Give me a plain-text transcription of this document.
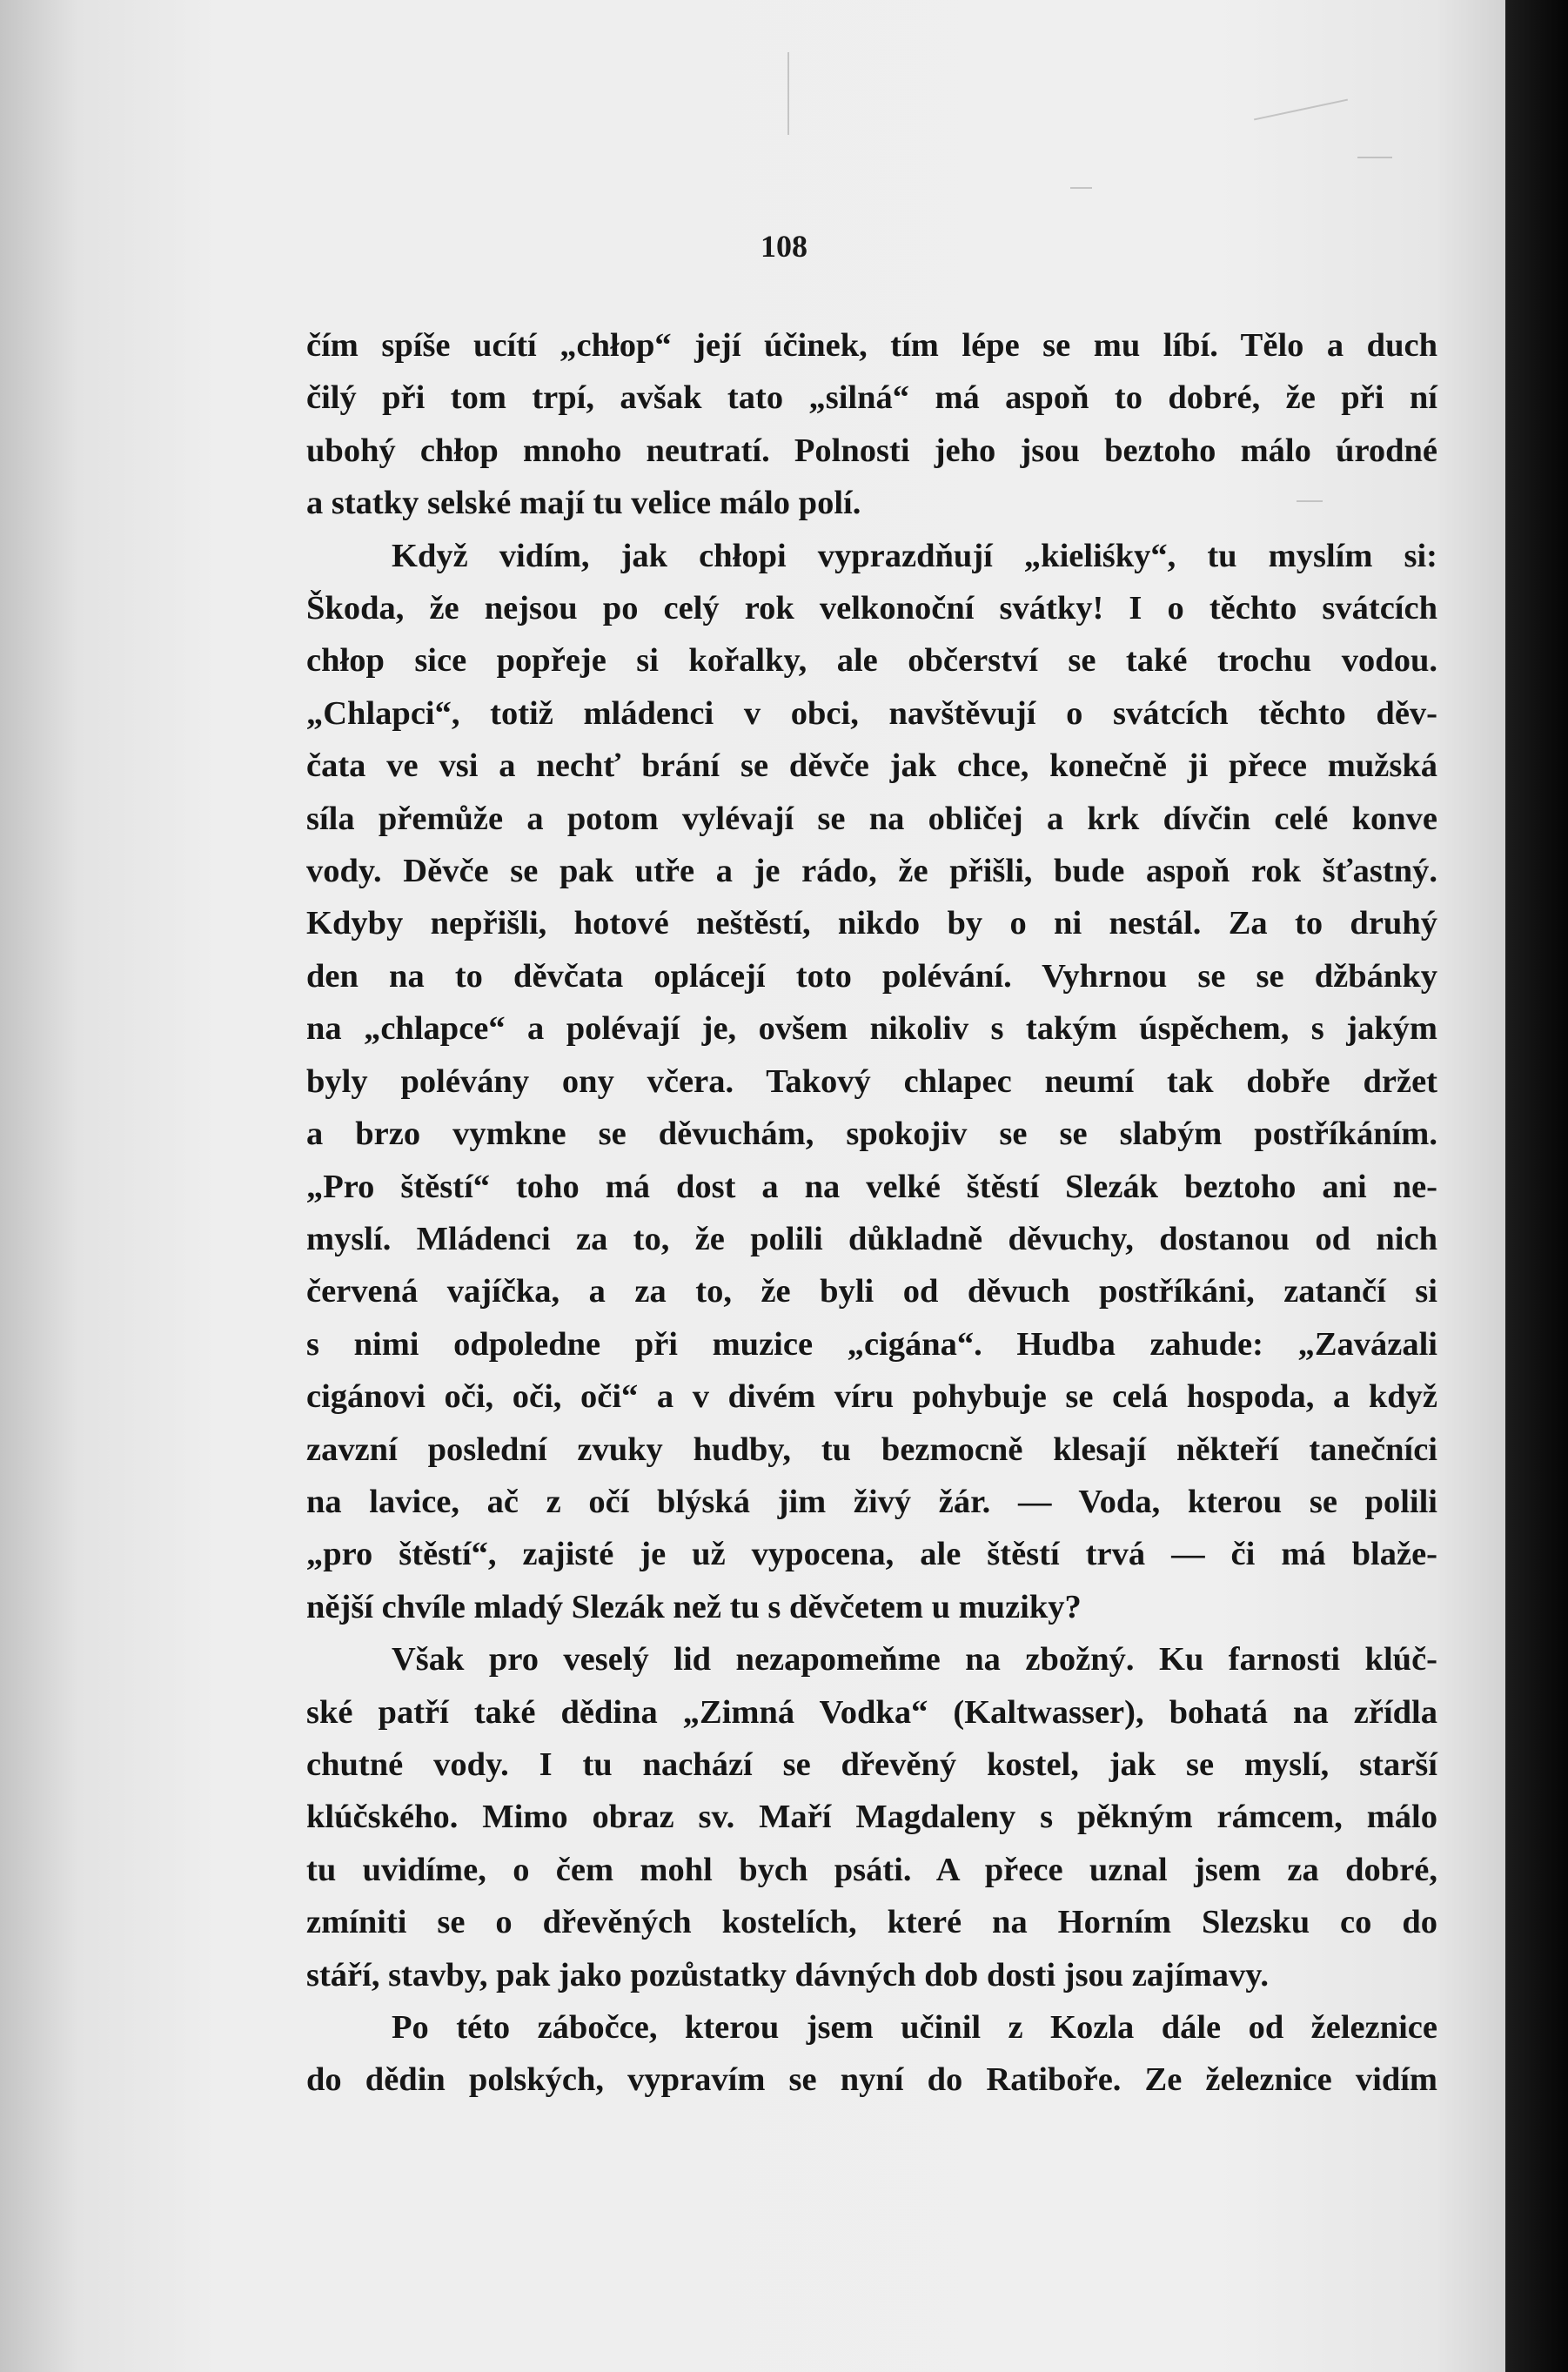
108
čím spíše ucítí „chłop“ její účinek, tím lépe se mu líbí. Tělo a duch
čilý při tom trpí, avšak tato „silná“ má aspoň to dobré, že při ní
ubohý chłop mnoho neutratí. Polnosti jeho jsou beztoho málo úrodné
a statky selské mají tu velice málo polí.
Když vidím, jak chłopi vyprazdňují „kieliśky“, tu myslím si:
Škoda, že nejsou po celý rok velkonoční svátky! I o těchto svátcích
chłop sice popřeje si kořalky, ale občerství se také trochu vodou.
„Chlapci“, totiž mládenci v obci, navštěvují o svátcích těchto děv-
čata ve vsi a nechť brání se děvče jak chce, konečně ji přece mužská
síla přemůže a potom vylévají se na obličej a krk dívčin celé konve
vody. Děvče se pak utře a je rádo, že přišli, bude aspoň rok šťastný.
Kdyby nepřišli, hotové neštěstí, nikdo by o ni nestál. Za to druhý
den na to děvčata oplácejí toto polévání. Vyhrnou se se džbánky
na „chlapce“ a polévají je, ovšem nikoliv s takým úspěchem, s jakým
byly polévány ony včera. Takový chlapec neumí tak dobře držet
a brzo vymkne se děvuchám, spokojiv se se slabým postříkáním.
„Pro štěstí“ toho má dost a na velké štěstí Slezák beztoho ani ne-
myslí. Mládenci za to, že polili důkladně děvuchy, dostanou od nich
červená vajíčka, a za to, že byli od děvuch postříkáni, zatančí si
s nimi odpoledne při muzice „cigána“. Hudba zahude: „Zavázali
cigánovi oči, oči, oči“ a v divém víru pohybuje se celá hospoda, a když
zavzní poslední zvuky hudby, tu bezmocně klesají někteří tanečníci
na lavice, ač z očí blýská jim živý žár. — Voda, kterou se polili
„pro štěstí“, zajisté je už vypocena, ale štěstí trvá — či má blaže-
nější chvíle mladý Slezák než tu s děvčetem u muziky?
Však pro veselý lid nezapomeňme na zbožný. Ku farnosti klúč-
ské patří také dědina „Zimná Vodka“ (Kaltwasser), bohatá na zřídla
chutné vody. I tu nachází se dřevěný kostel, jak se myslí, starší
klúčského. Mimo obraz sv. Maří Magdaleny s pěkným rámcem, málo
tu uvidíme, o čem mohl bych psáti. A přece uznal jsem za dobré,
zmíniti se o dřevěných kostelích, které na Horním Slezsku co do
stáří, stavby, pak jako pozůstatky dávných dob dosti jsou zajímavy.
Po této zábočce, kterou jsem učinil z Kozla dále od železnice
do dědin polských, vypravím se nyní do Ratiboře. Ze železnice vidím
